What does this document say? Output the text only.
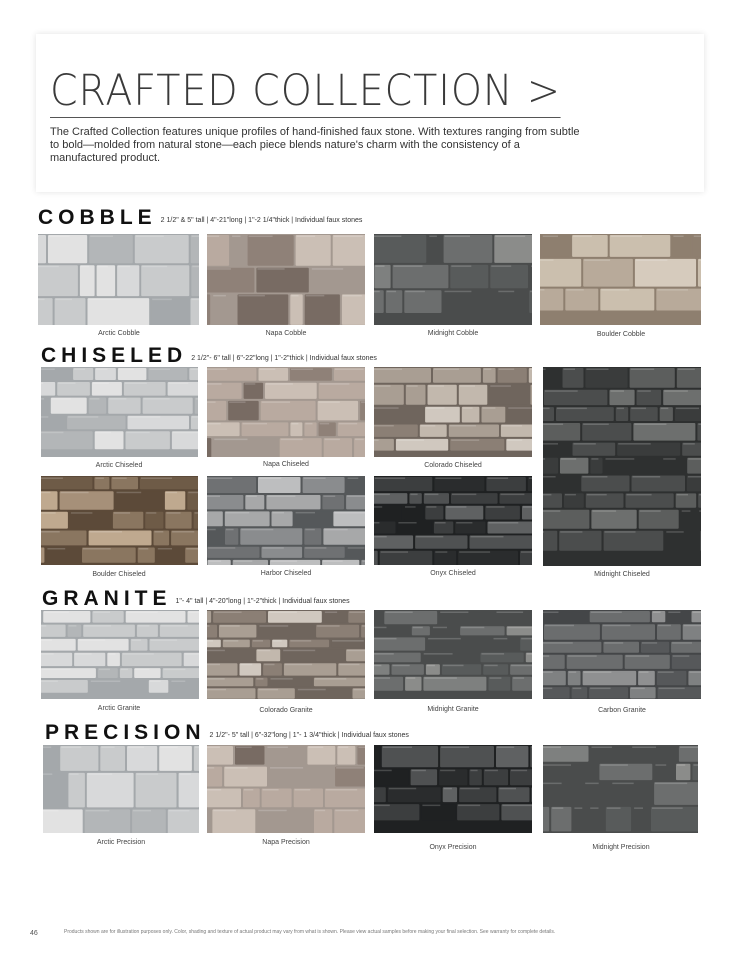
CRAFTED COLLECTION >

The Crafted Collection features unique profiles of hand-finished faux stone. With textures ranging from subtle to bold—molded from natural stone—each piece blends nature's charm with the consistency of a manufactured product.

COBBLE 2 1/2" & 5" tall | 4"-21"long | 1"-2 1/4"thick | Individual faux stones
Arctic Cobble	Napa Cobble	Midnight Cobble	Boulder Cobble
CHISELED 2 1/2"- 6" tall | 6"-22"long | 1"-2"thick | Individual faux stones
Arctic Chiseled	Napa Chiseled	Colorado Chiseled
Boulder Chiseled	Harbor Chiseled	Onyx Chiseled	Midnight Chiseled
GRANITE 1"- 4" tall | 4"-20"long | 1"-2"thick | Individual faux stones
Arctic Granite	Colorado Granite	Midnight Granite	Carbon Granite
PRECISION 2 1/2"- 5" tall | 6"-32"long | 1"- 1 3/4"thick | Individual faux stones
Arctic Precision	Napa Precision
Onyx Precision	Midnight Precision
46	Products shown are for illustration purposes only. Color, shading and texture of actual product may vary from what is shown. Please view actual samples before making your final selection. See warranty for complete details.
